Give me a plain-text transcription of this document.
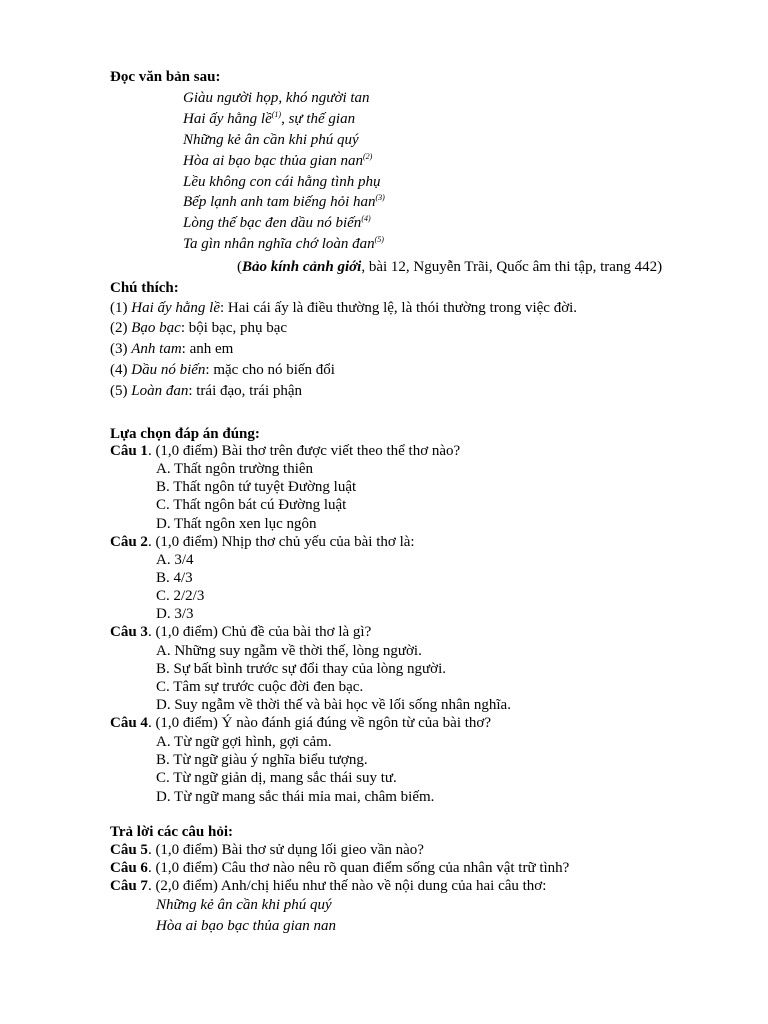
Đọc văn bản sau:
Giàu người họp, khó người tan
Hai ấy hằng lề$^{(1)}$, sự thế gian
Những kẻ ân cần khi phú quý
Hòa ai bạo bạc thủa gian nan$^{(2)}$
Lều không con cái hằng tình phụ
Bếp lạnh anh tam biếng hỏi han$^{(3)}$
Lòng thế bạc đen dầu nó biến$^{(4)}$
Ta gìn nhân nghĩa chớ loàn đan$^{(5)}$
(Bảo kính cảnh giới, bài 12, Nguyễn Trãi, Quốc âm thi tập, trang 442)
Chú thích:
(1) Hai ấy hằng lề: Hai cái ấy là điều thường lệ, là thói thường trong việc đời.
(2) Bạo bạc: bội bạc, phụ bạc
(3) Anh tam: anh em
(4) Dầu nó biến: mặc cho nó biến đổi
(5) Loàn đan: trái đạo, trái phận
Lựa chọn đáp án đúng:
Câu 1. (1,0 điểm) Bài thơ trên được viết theo thể thơ nào?
A. Thất ngôn trường thiên
B. Thất ngôn tứ tuyệt Đường luật
C. Thất ngôn bát cú Đường luật
D. Thất ngôn xen lục ngôn
Câu 2. (1,0 điểm) Nhịp thơ chủ yếu của bài thơ là:
A. 3/4
B. 4/3
C. 2/2/3
D. 3/3
Câu 3. (1,0 điểm) Chủ đề của bài thơ là gì?
A. Những suy ngẫm về thời thế, lòng người.
B. Sự bất bình trước sự đổi thay của lòng người.
C. Tâm sự trước cuộc đời đen bạc.
D. Suy ngẫm về thời thế và bài học về lối sống nhân nghĩa.
Câu 4. (1,0 điểm) Ý nào đánh giá đúng về ngôn từ của bài thơ?
A. Từ ngữ gợi hình, gợi cảm.
B. Từ ngữ giàu ý nghĩa biểu tượng.
C. Từ ngữ giản dị, mang sắc thái suy tư.
D. Từ ngữ mang sắc thái mỉa mai, châm biếm.
Trả lời các câu hỏi:
Câu 5. (1,0 điểm) Bài thơ sử dụng lối gieo vần nào?
Câu 6. (1,0 điểm) Câu thơ nào nêu rõ quan điểm sống của nhân vật trữ tình?
Câu 7. (2,0 điểm) Anh/chị hiểu như thế nào về nội dung của hai câu thơ:
Những kẻ ân cần khi phú quý
Hòa ai bạo bạc thủa gian nan
